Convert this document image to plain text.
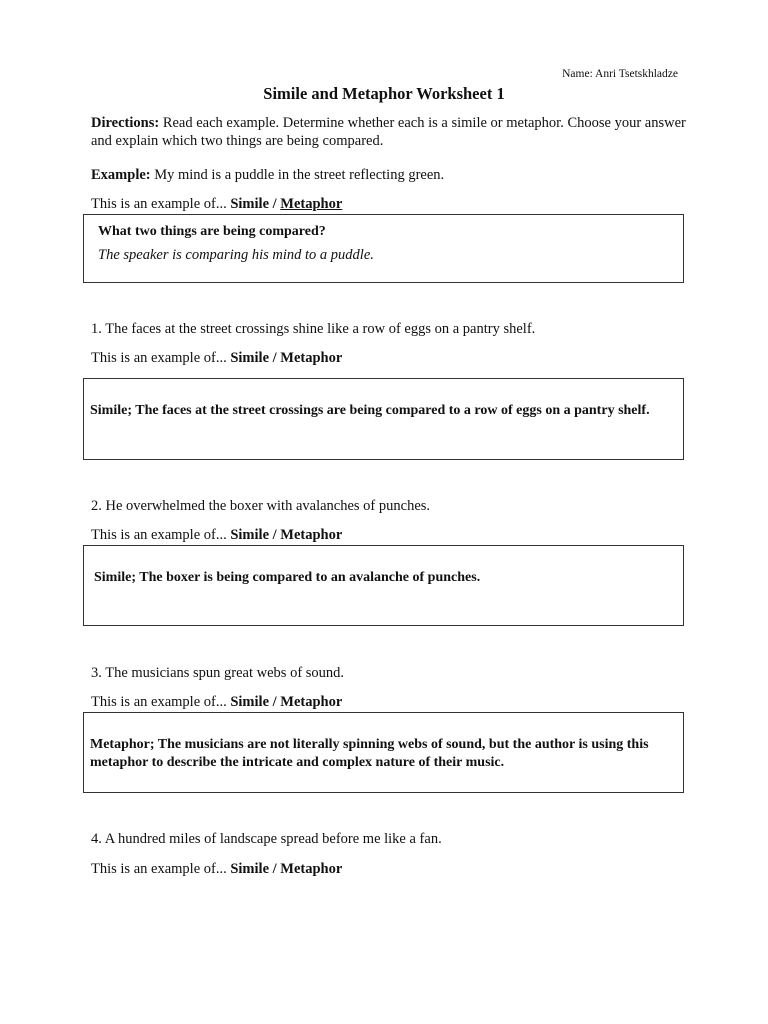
Name: Anri Tsetskhladze
Simile and Metaphor Worksheet 1
Directions: Read each example. Determine whether each is a simile or metaphor. Choose your answer and explain which two things are being compared.
Example: My mind is a puddle in the street reflecting green.
This is an example of... Simile / Metaphor
What two things are being compared?
The speaker is comparing his mind to a puddle.
1. The faces at the street crossings shine like a row of eggs on a pantry shelf.
This is an example of... Simile / Metaphor
Simile; The faces at the street crossings are being compared to a row of eggs on a pantry shelf.
2. He overwhelmed the boxer with avalanches of punches.
This is an example of... Simile / Metaphor
Simile; The boxer is being compared to an avalanche of punches.
3. The musicians spun great webs of sound.
This is an example of... Simile / Metaphor
Metaphor; The musicians are not literally spinning webs of sound, but the author is using this metaphor to describe the intricate and complex nature of their music.
4. A hundred miles of landscape spread before me like a fan.
This is an example of... Simile / Metaphor
